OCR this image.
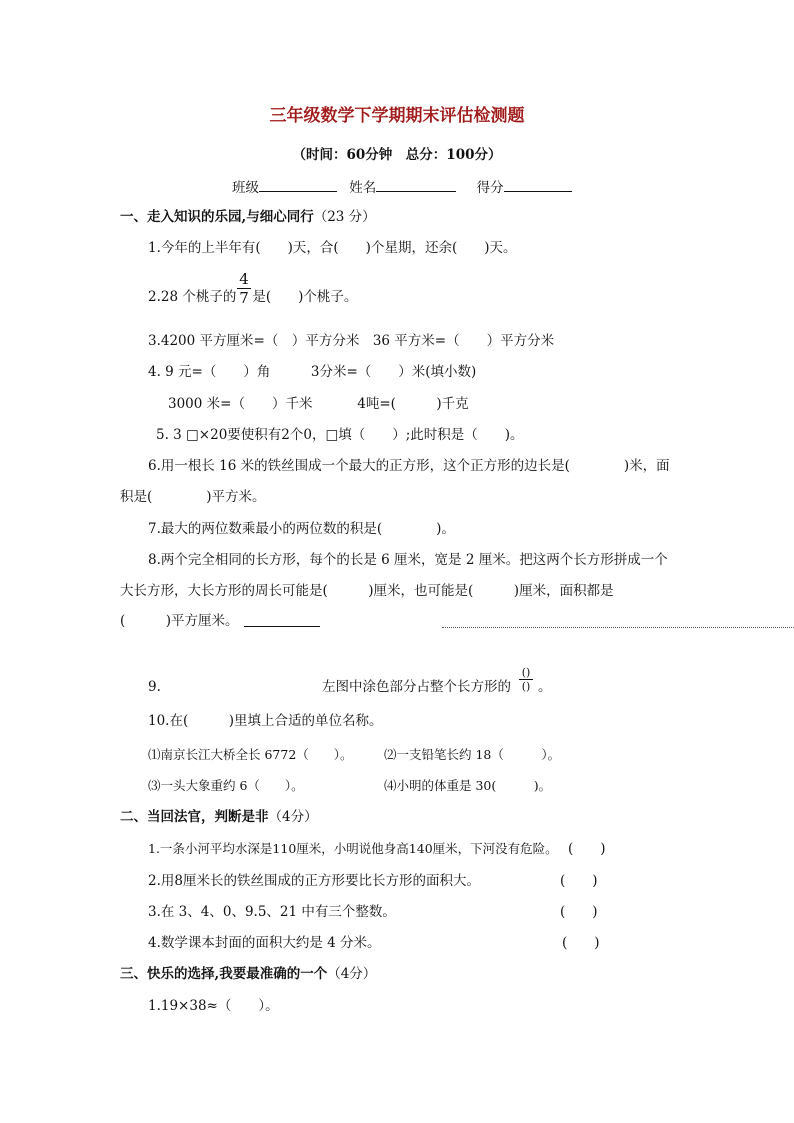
三年级数学下学期期末评估检测题
（时间：60分钟　总分：100分）
班级	姓名	得分
一、走入知识的乐园,与细心同行（23 分）
1.今年的上半年有(　　)天，合(　　)个星期，还余(　　)天。
2.28 个桃子的 是(　　)个桃子。
4
7
3.4200 平方厘米=（　）平方分米　36 平方米=（　　）平方分米
4. 9 元=（　　）角　　　3分米=（　　）米(填小数)
3000 米=（　　）千米　　　 4吨=(　　　)千克
5. 3 □×20要使积有2个0，□填（　　）;此时积是（　　)。
6.用一根长 16 米的铁丝围成一个最大的正方形，这个正方形的边长是(　　　　)米，面
积是(　　　　)平方米。
7.最大的两位数乘最小的两位数的积是(　　　　)。
8.两个完全相同的长方形，每个的长是 6 厘米，宽是 2 厘米。把这两个长方形拼成一个
大长方形，大长方形的周长可能是(　　　)厘米，也可能是(　　　)厘米，面积都是
(　　　)平方厘米。
9.	左图中涂色部分占整个长方形的
()
() 。
10.在(　　　)里填上合适的单位名称。
⑴南京长江大桥全长 6772（　　）。	⑵一支铅笔长约 18（　　　）。
⑶一头大象重约 6（　　）。	⑷小明的体重是 30(　　　)。
二、当回法官，判断是非（4分）
1.一条小河平均水深是110厘米，小明说他身高140厘米，下河没有危险。 (　　)
2.用8厘米长的铁丝围成的正方形要比长方形的面积大。	(　　)
3.在 3、4、0、9.5、21 中有三个整数。	(　　)
4.数学课本封面的面积大约是 4 分米。	(　　)
三、快乐的选择,我要最准确的一个（4分）
1.19×38≈（　　）。
